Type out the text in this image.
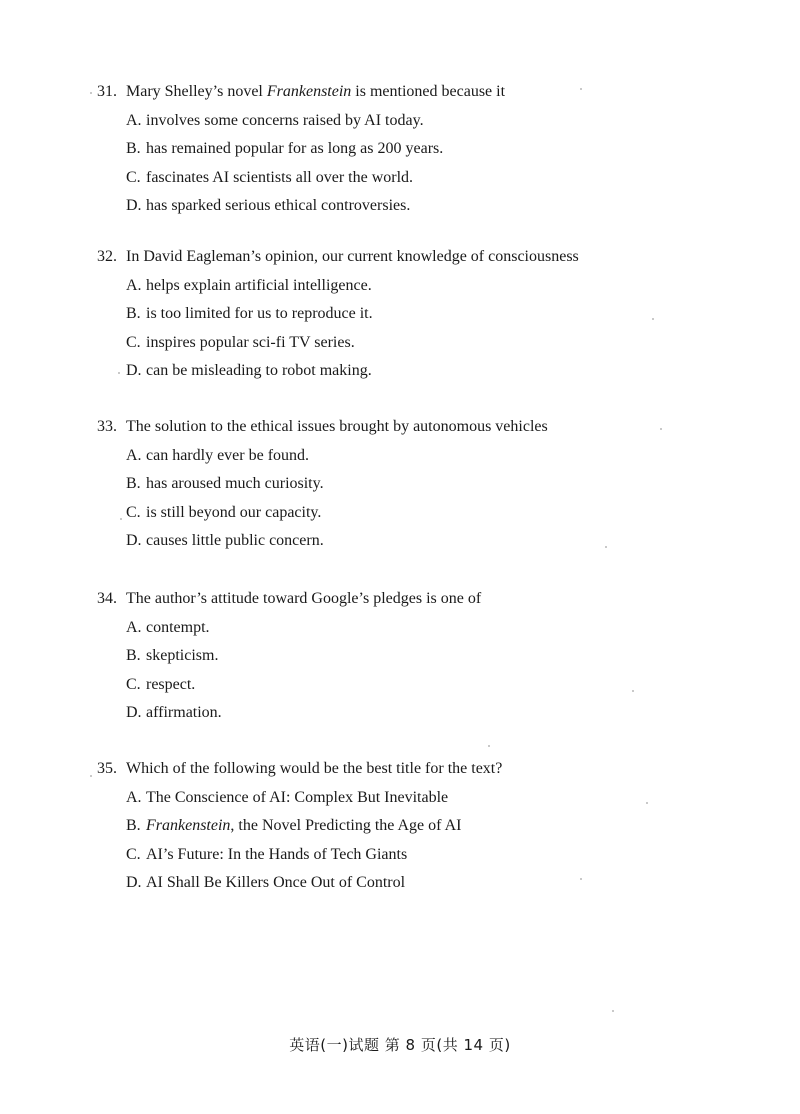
31. Mary Shelley’s novel Frankenstein is mentioned because it
A. involves some concerns raised by AI today.
B. has remained popular for as long as 200 years.
C. fascinates AI scientists all over the world.
D. has sparked serious ethical controversies.
32. In David Eagleman’s opinion, our current knowledge of consciousness
A. helps explain artificial intelligence.
B. is too limited for us to reproduce it.
C. inspires popular sci-fi TV series.
D. can be misleading to robot making.
33. The solution to the ethical issues brought by autonomous vehicles
A. can hardly ever be found.
B. has aroused much curiosity.
C. is still beyond our capacity.
D. causes little public concern.
34. The author’s attitude toward Google’s pledges is one of
A. contempt.
B. skepticism.
C. respect.
D. affirmation.
35. Which of the following would be the best title for the text?
A. The Conscience of AI: Complex But Inevitable
B. Frankenstein, the Novel Predicting the Age of AI
C. AI’s Future: In the Hands of Tech Giants
D. AI Shall Be Killers Once Out of Control
英语(一)试题 第 8 页(共 14 页)
